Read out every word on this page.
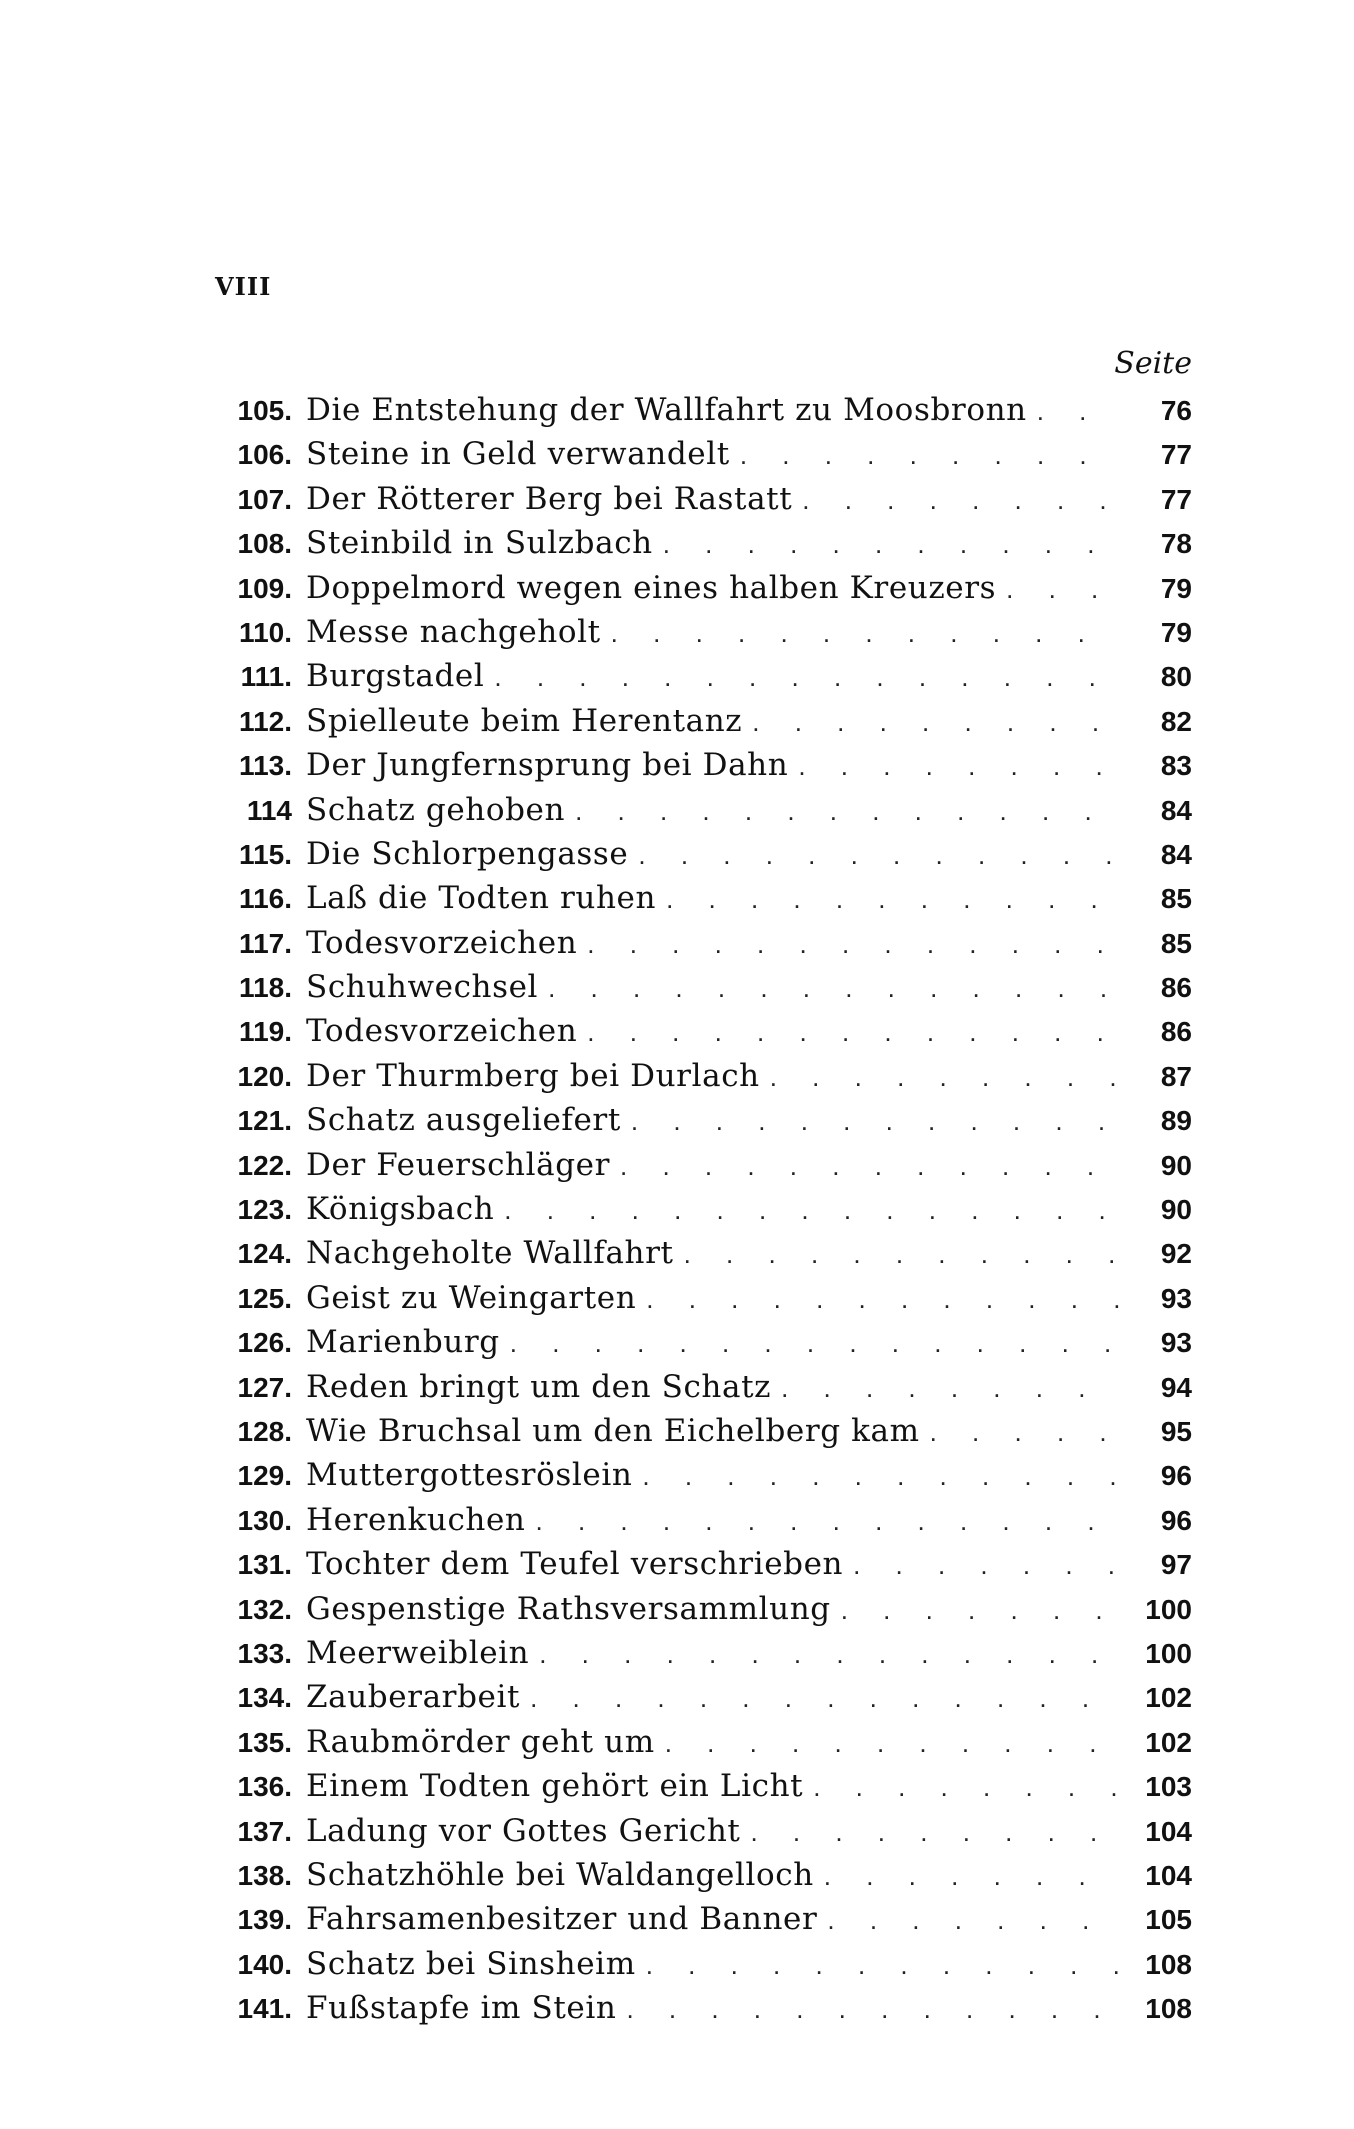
VIII
Seite
105. Die Entstehung der Wallfahrt zu Moosbronn . . .	76
106. Steine in Geld verwandelt . . .	77
107. Der Rötterer Berg bei Rastatt . . .	77
108. Steinbild in Sulzbach . . .	78
109. Doppelmord wegen eines halben Kreuzers . . .	79
110. Messe nachgeholt . . .	79
111. Burgstadel . . .	80
112. Spielleute beim Herentanz . . .	82
113. Der Jungfernsprung bei Dahn . . .	83
114 Schatz gehoben . . .	84
115. Die Schlorpengasse . . .	84
116. Laß die Todten ruhen . . .	85
117. Todesvorzeichen . . .	85
118. Schuhwechsel . . .	86
119. Todesvorzeichen . . .	86
120. Der Thurmberg bei Durlach . . .	87
121. Schatz ausgeliefert . . .	89
122. Der Feuerschläger . . .	90
123. Königsbach . . .	90
124. Nachgeholte Wallfahrt . . .	92
125. Geist zu Weingarten . . .	93
126. Marienburg . . .	93
127. Reden bringt um den Schatz . . .	94
128. Wie Bruchsal um den Eichelberg kam . . .	95
129. Muttergottesröslein . . .	96
130. Herenkuchen . . .	96
131. Tochter dem Teufel verschrieben . . .	97
132. Gespenstige Rathsversammlung . . .	100
133. Meerweiblein . . .	100
134. Zauberarbeit . . .	102
135. Raubmörder geht um . . .	102
136. Einem Todten gehört ein Licht . . .	103
137. Ladung vor Gottes Gericht . . .	104
138. Schatzhöhle bei Waldangelloch . . .	104
139. Fahrsamenbesitzer und Banner . . .	105
140. Schatz bei Sinsheim . . .	108
141. Fußstapfe im Stein . . .	108
